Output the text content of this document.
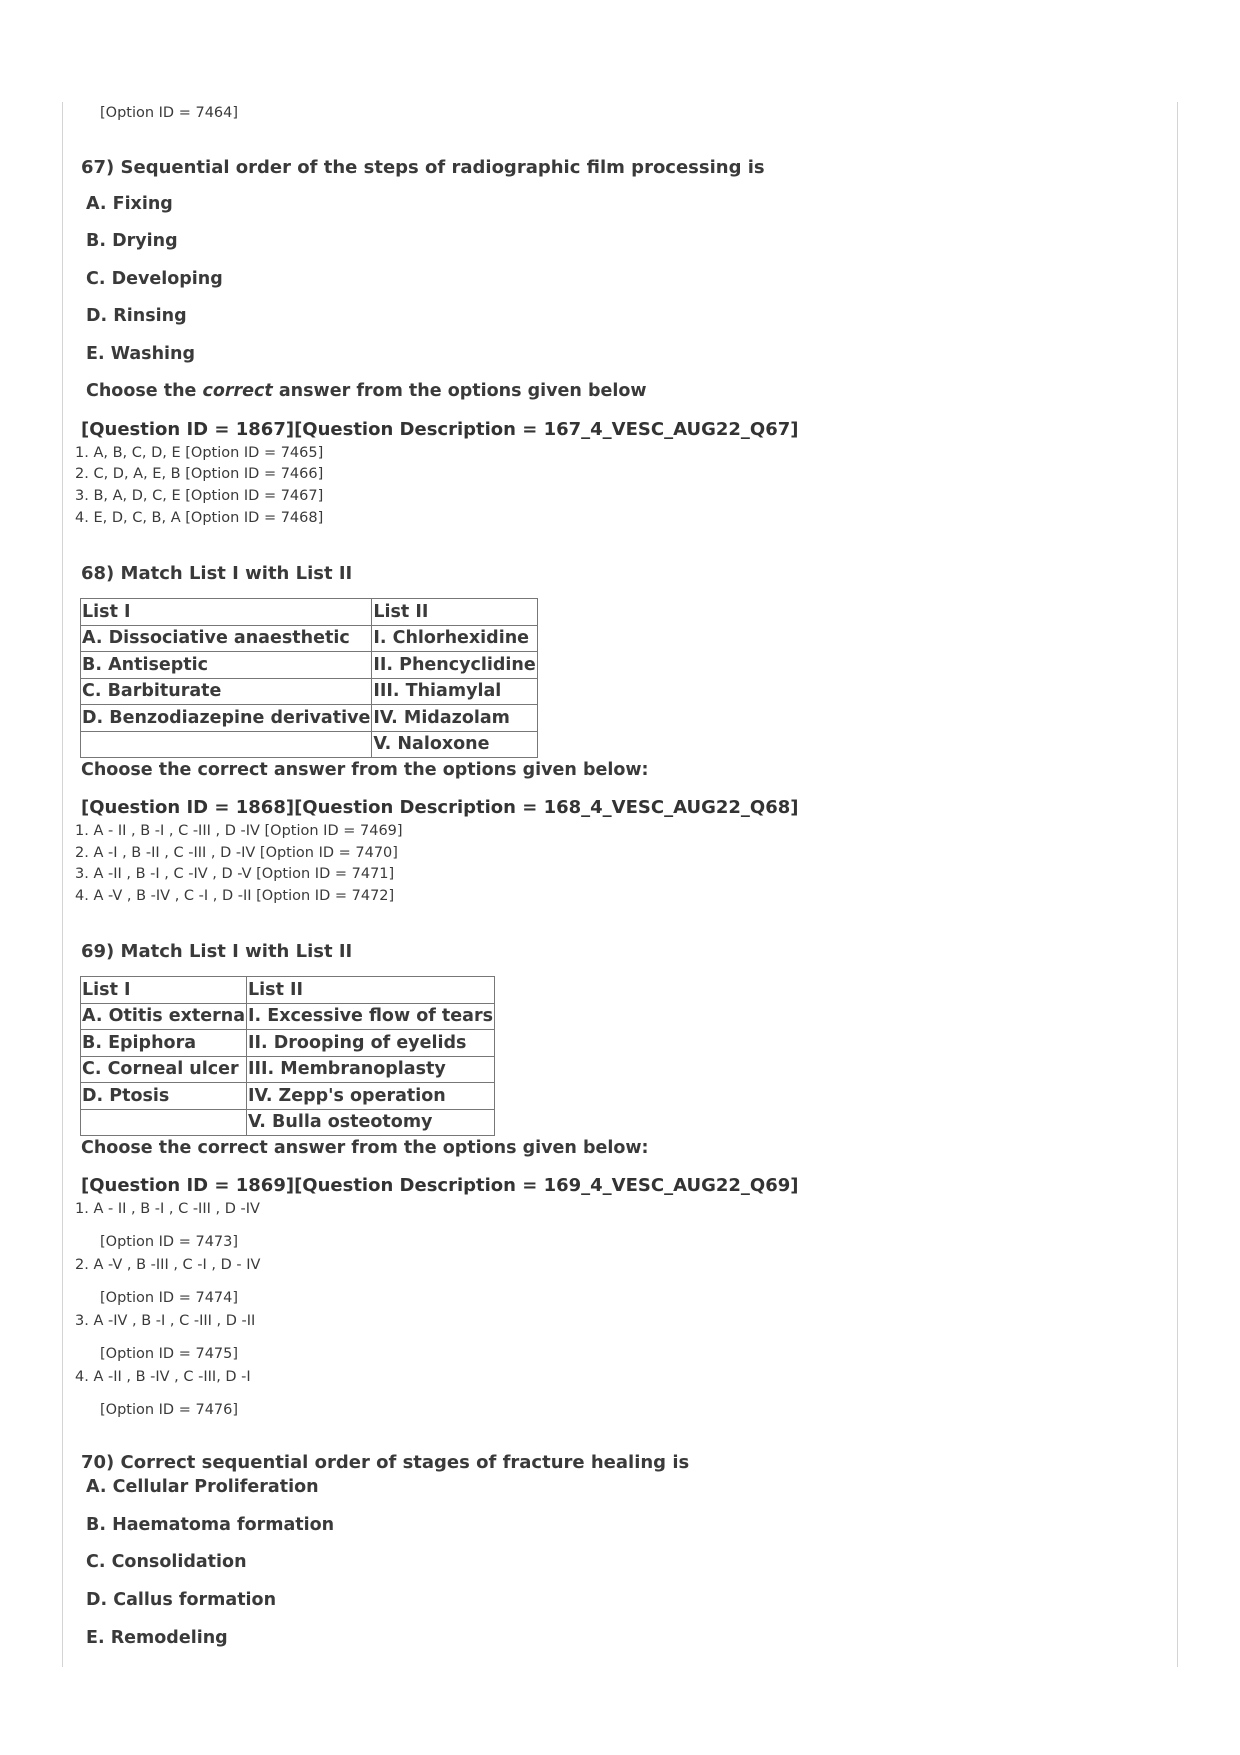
[Option ID = 7464]
67) Sequential order of the steps of radiographic film processing is
A. Fixing
B. Drying
C. Developing
D. Rinsing
E. Washing
Choose the correct answer from the options given below
[Question ID = 1867][Question Description = 167_4_VESC_AUG22_Q67]
1. A, B, C, D, E [Option ID = 7465]
2. C, D, A, E, B [Option ID = 7466]
3. B, A, D, C, E [Option ID = 7467]
4. E, D, C, B, A [Option ID = 7468]
68) Match List I with List II
List I	List II
A. Dissociative anaesthetic	I. Chlorhexidine
B. Antiseptic	II. Phencyclidine
C. Barbiturate	III. Thiamylal
D. Benzodiazepine derivative	IV. Midazolam
	V. Naloxone
Choose the correct answer from the options given below:
[Question ID = 1868][Question Description = 168_4_VESC_AUG22_Q68]
1. A - II , B -I , C -III , D -IV [Option ID = 7469]
2. A -I , B -II , C -III , D -IV [Option ID = 7470]
3. A -II , B -I , C -IV , D -V [Option ID = 7471]
4. A -V , B -IV , C -I , D -II [Option ID = 7472]
69) Match List I with List II
List I	List II
A. Otitis externa	I. Excessive flow of tears
B. Epiphora	II. Drooping of eyelids
C. Corneal ulcer	III. Membranoplasty
D. Ptosis	IV. Zepp's operation
	V. Bulla osteotomy
Choose the correct answer from the options given below:
[Question ID = 1869][Question Description = 169_4_VESC_AUG22_Q69]
1. A - II , B -I , C -III , D -IV
[Option ID = 7473]
2. A -V , B -III , C -I , D - IV
[Option ID = 7474]
3. A -IV , B -I , C -III , D -II
[Option ID = 7475]
4. A -II , B -IV , C -III, D -I
[Option ID = 7476]
70) Correct sequential order of stages of fracture healing is
A. Cellular Proliferation
B. Haematoma formation
C. Consolidation
D. Callus formation
E. Remodeling
